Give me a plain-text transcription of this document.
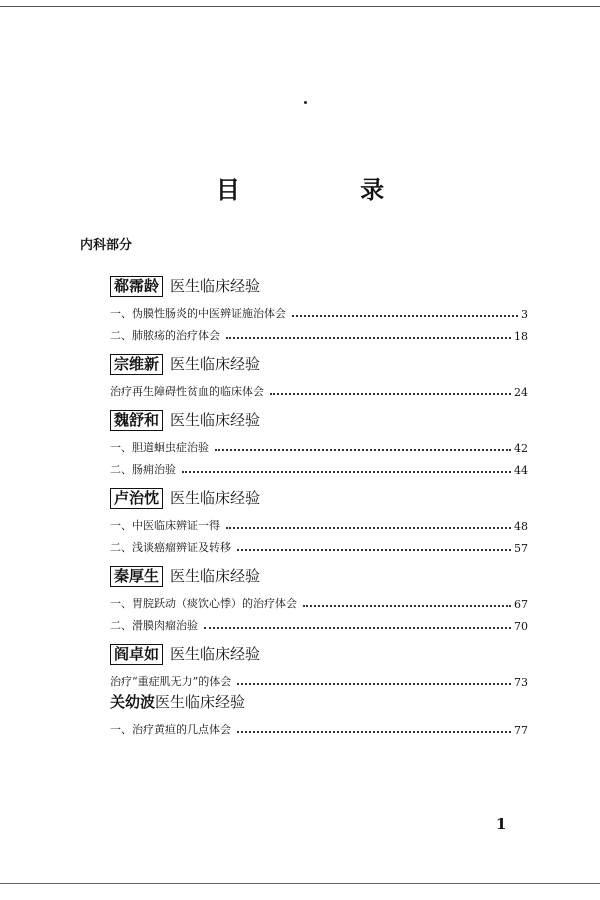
目 录
内科部分
郗霈龄 医生临床经验
一、伪膜性肠炎的中医辨证施治体会	3
二、肺脓疡的治疗体会	18
宗维新 医生临床经验
治疗再生障碍性贫血的临床体会	24
魏舒和 医生临床经验
一、胆道蛔虫症治验	42
二、肠痈治验	44
卢治忱 医生临床经验
一、中医临床辨证一得	48
二、浅谈癌瘤辨证及转移	57
秦厚生 医生临床经验
一、胃脘跃动（痰饮心悸）的治疗体会	67
二、滑膜肉瘤治验	70
阎卓如 医生临床经验
治疗“重症肌无力”的体会	73
关幼波 医生临床经验
一、治疗黄疸的几点体会	77
1
